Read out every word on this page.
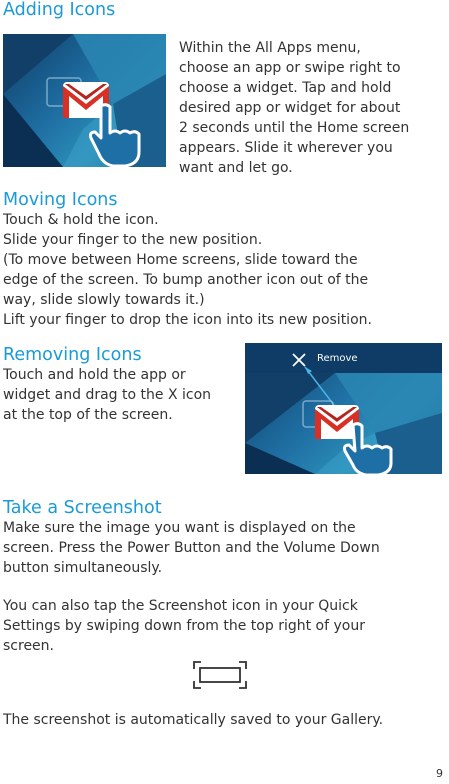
Adding Icons

Within the All Apps menu,
choose an app or swipe right to
choose a widget. Tap and hold
desired app or widget for about
2 seconds until the Home screen
appears. Slide it wherever you
want and let go.

Moving Icons

Touch & hold the icon.
Slide your finger to the new position.
(To move between Home screens, slide toward the
edge of the screen. To bump another icon out of the
way, slide slowly towards it.)
Lift your finger to drop the icon into its new position.

Removing Icons

Touch and hold the app or
widget and drag to the X icon
at the top of the screen.

Remove
Take a Screenshot

Make sure the image you want is displayed on the
screen. Press the Power Button and the Volume Down
button simultaneously.

You can also tap the Screenshot icon in your Quick
Settings by swiping down from the top right of your
screen.

The screenshot is automatically saved to your Gallery.

9
